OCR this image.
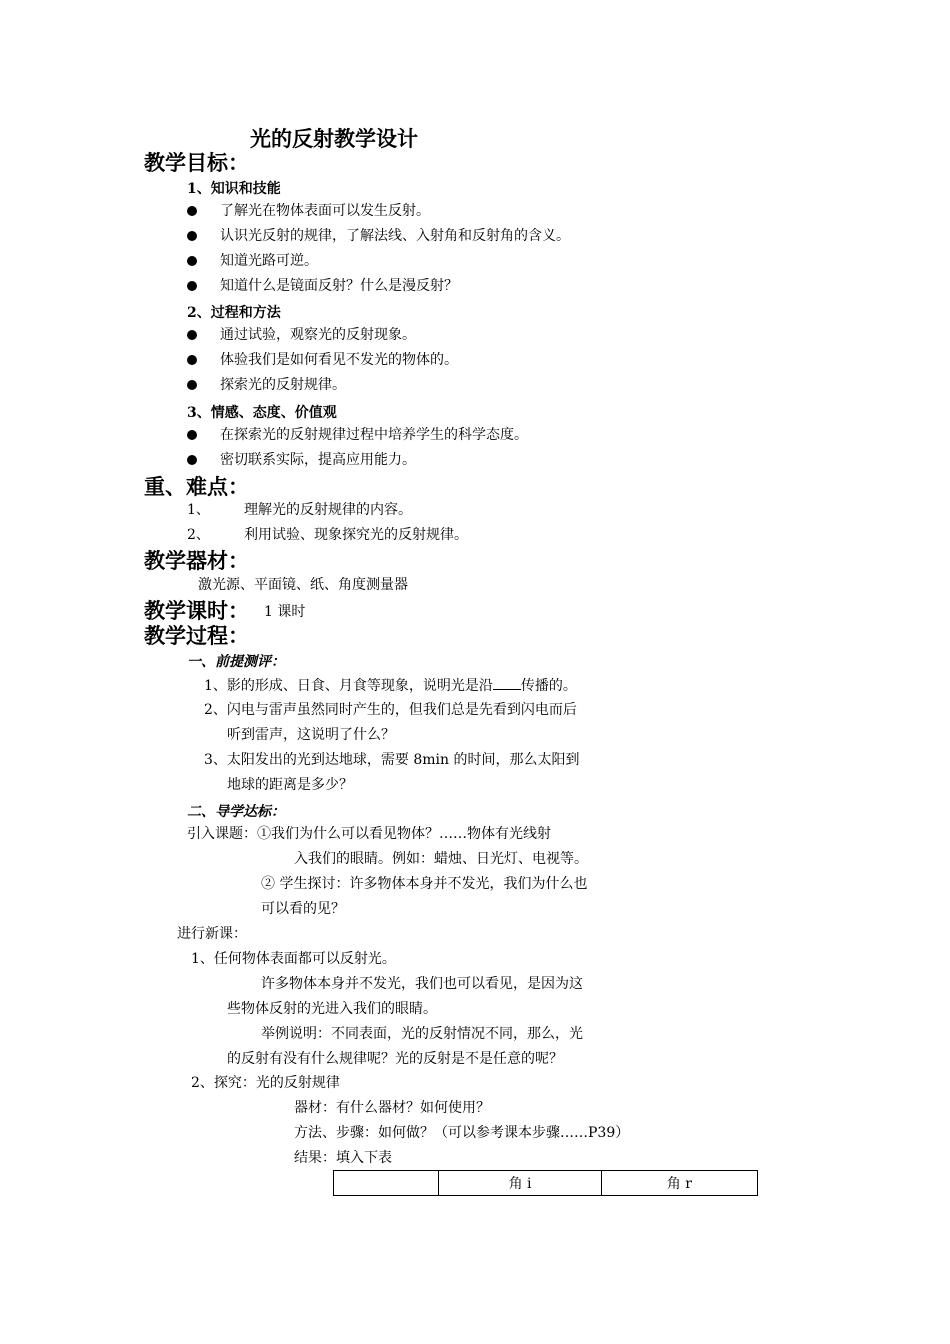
光的反射教学设计
教学目标：
1、知识和技能
了解光在物体表面可以发生反射。
认识光反射的规律，了解法线、入射角和反射角的含义。
知道光路可逆。
知道什么是镜面反射？什么是漫反射？
2、过程和方法
通过试验，观察光的反射现象。
体验我们是如何看见不发光的物体的。
探索光的反射规律。
3、情感、态度、价值观
在探索光的反射规律过程中培养学生的科学态度。
密切联系实际，提高应用能力。
重、难点：
1、 理解光的反射规律的内容。
2、 利用试验、现象探究光的反射规律。
教学器材：
激光源、平面镜、纸、角度测量器
教学课时： 1 课时
教学过程：
一、前提测评：
1、影的形成、日食、月食等现象，说明光是沿 传播的。
2、闪电与雷声虽然同时产生的，但我们总是先看到闪电而后
听到雷声，这说明了什么？
3、太阳发出的光到达地球，需要 8min 的时间，那么太阳到
地球的距离是多少？
二、导学达标：
引入课题：①我们为什么可以看见物体？……物体有光线射
入我们的眼睛。例如：蜡烛、日光灯、电视等。
② 学生探讨：许多物体本身并不发光，我们为什么也
可以看的见？
进行新课：
1、任何物体表面都可以反射光。
许多物体本身并不发光，我们也可以看见，是因为这
些物体反射的光进入我们的眼睛。
举例说明：不同表面，光的反射情况不同，那么，光
的反射有没有什么规律呢？光的反射是不是任意的呢？
2、探究：光的反射规律
器材：有什么器材？如何使用？
方法、步骤：如何做？（可以参考课本步骤……P39）
结果：填入下表
	角 i	角 r
